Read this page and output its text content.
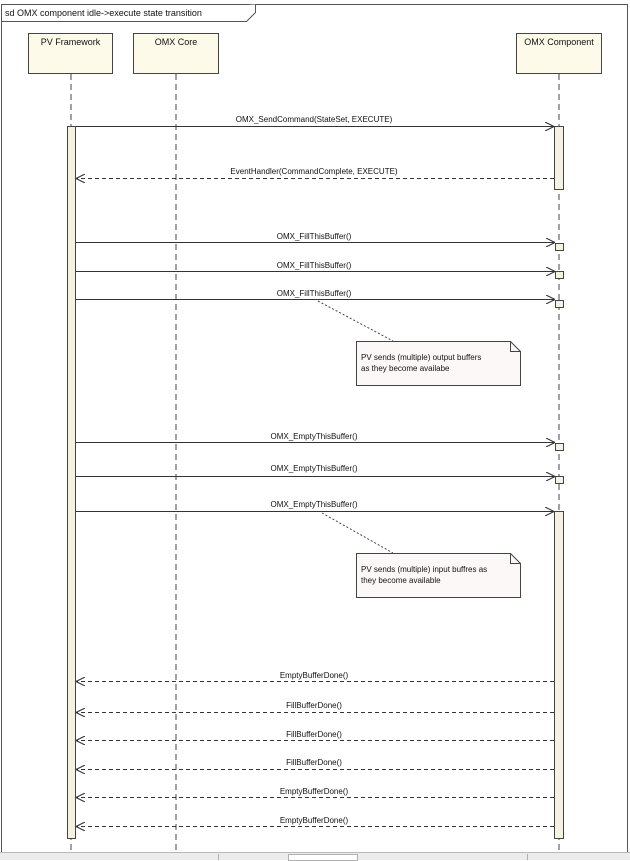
sd OMX component idle->execute state transition
PV Framework	OMX Core	OMX Component
OMX_SendCommand(StateSet, EXECUTE)
EventHandler(CommandComplete, EXECUTE)
OMX_FillThisBuffer()
OMX_FillThisBuffer()
OMX_FillThisBuffer()
OMX_EmptyThisBuffer()
OMX_EmptyThisBuffer()
OMX_EmptyThisBuffer()
EmptyBufferDone()
FillBufferDone()
FillBufferDone()
FillBufferDone()
EmptyBufferDone()
EmptyBufferDone()
PV sends (multiple) output buffers
as they become availabe
PV sends (multiple) input buffres as
they become available
